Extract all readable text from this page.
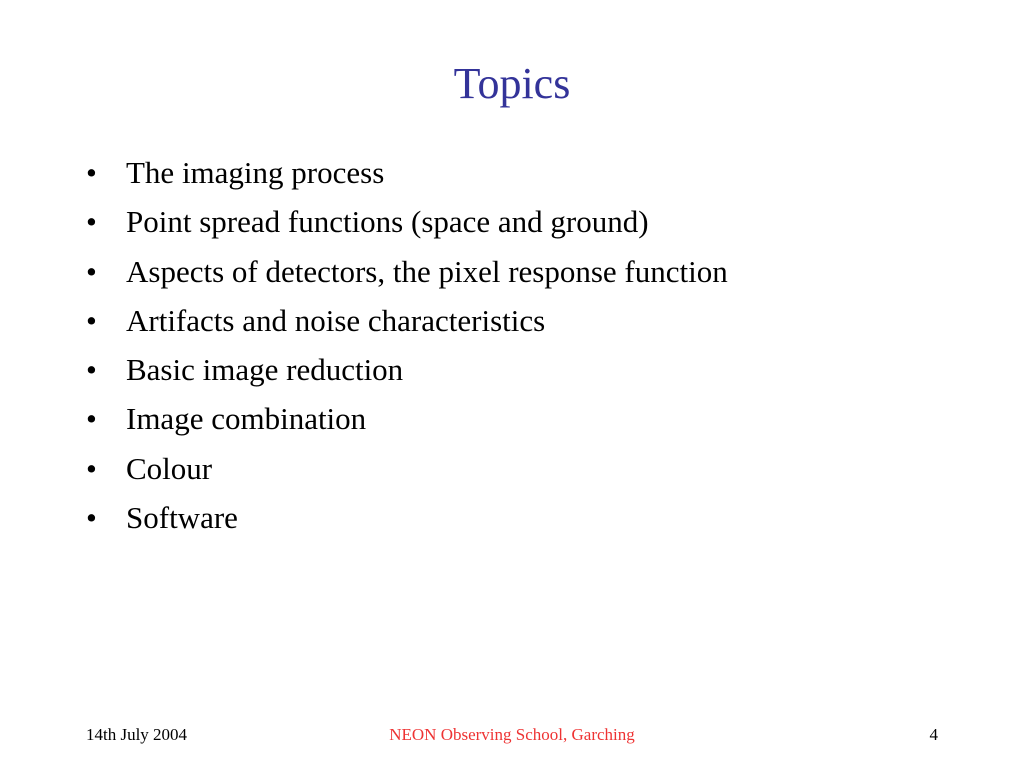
Topics
• The imaging process
• Point spread functions (space and ground)
• Aspects of detectors, the pixel response function
• Artifacts and noise characteristics
• Basic image reduction
• Image combination
• Colour
• Software
14th July 2004	NEON Observing School, Garching	4
